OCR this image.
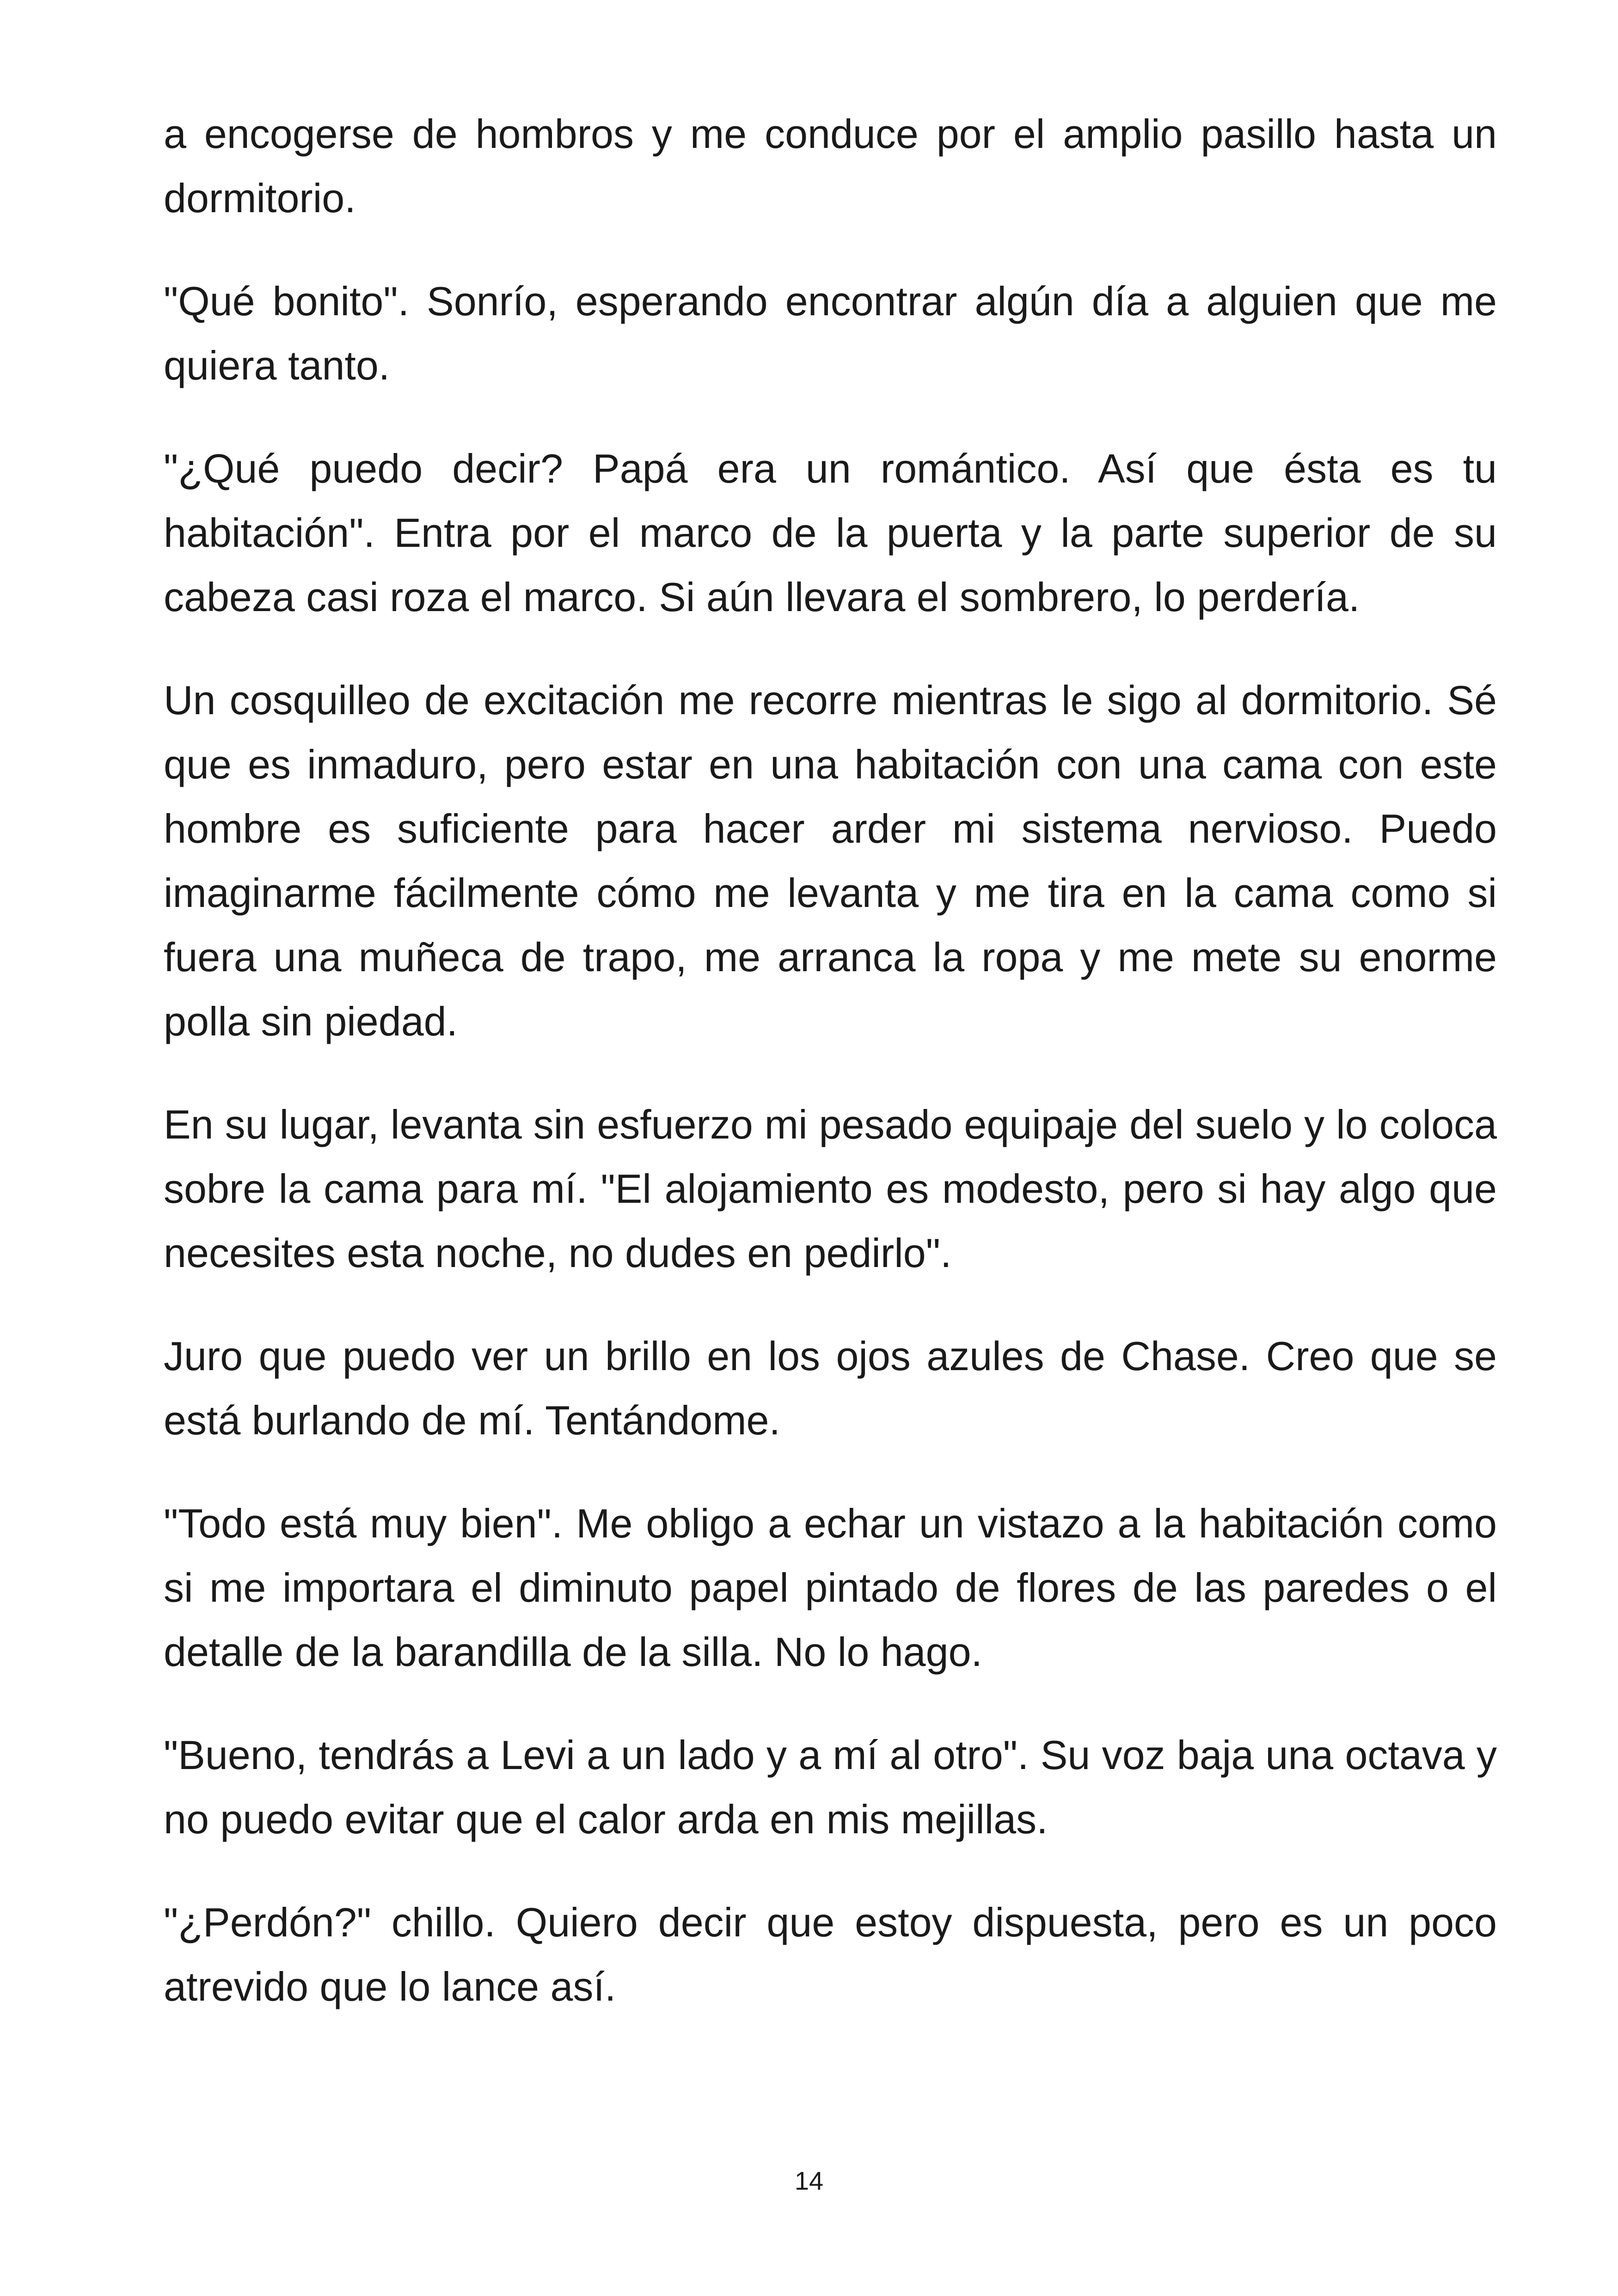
a encogerse de hombros y me conduce por el amplio pasillo hasta un dormitorio.

"Qué bonito". Sonrío, esperando encontrar algún día a alguien que me quiera tanto.

"¿Qué puedo decir? Papá era un romántico. Así que ésta es tu habitación". Entra por el marco de la puerta y la parte superior de su cabeza casi roza el marco. Si aún llevara el sombrero, lo perdería.

Un cosquilleo de excitación me recorre mientras le sigo al dormitorio. Sé que es inmaduro, pero estar en una habitación con una cama con este hombre es suficiente para hacer arder mi sistema nervioso. Puedo imaginarme fácilmente cómo me levanta y me tira en la cama como si fuera una muñeca de trapo, me arranca la ropa y me mete su enorme polla sin piedad.

En su lugar, levanta sin esfuerzo mi pesado equipaje del suelo y lo coloca sobre la cama para mí. "El alojamiento es modesto, pero si hay algo que necesites esta noche, no dudes en pedirlo".

Juro que puedo ver un brillo en los ojos azules de Chase. Creo que se está burlando de mí. Tentándome.

"Todo está muy bien". Me obligo a echar un vistazo a la habitación como si me importara el diminuto papel pintado de flores de las paredes o el detalle de la barandilla de la silla. No lo hago.

"Bueno, tendrás a Levi a un lado y a mí al otro". Su voz baja una octava y no puedo evitar que el calor arda en mis mejillas.

"¿Perdón?" chillo. Quiero decir que estoy dispuesta, pero es un poco atrevido que lo lance así.

14
